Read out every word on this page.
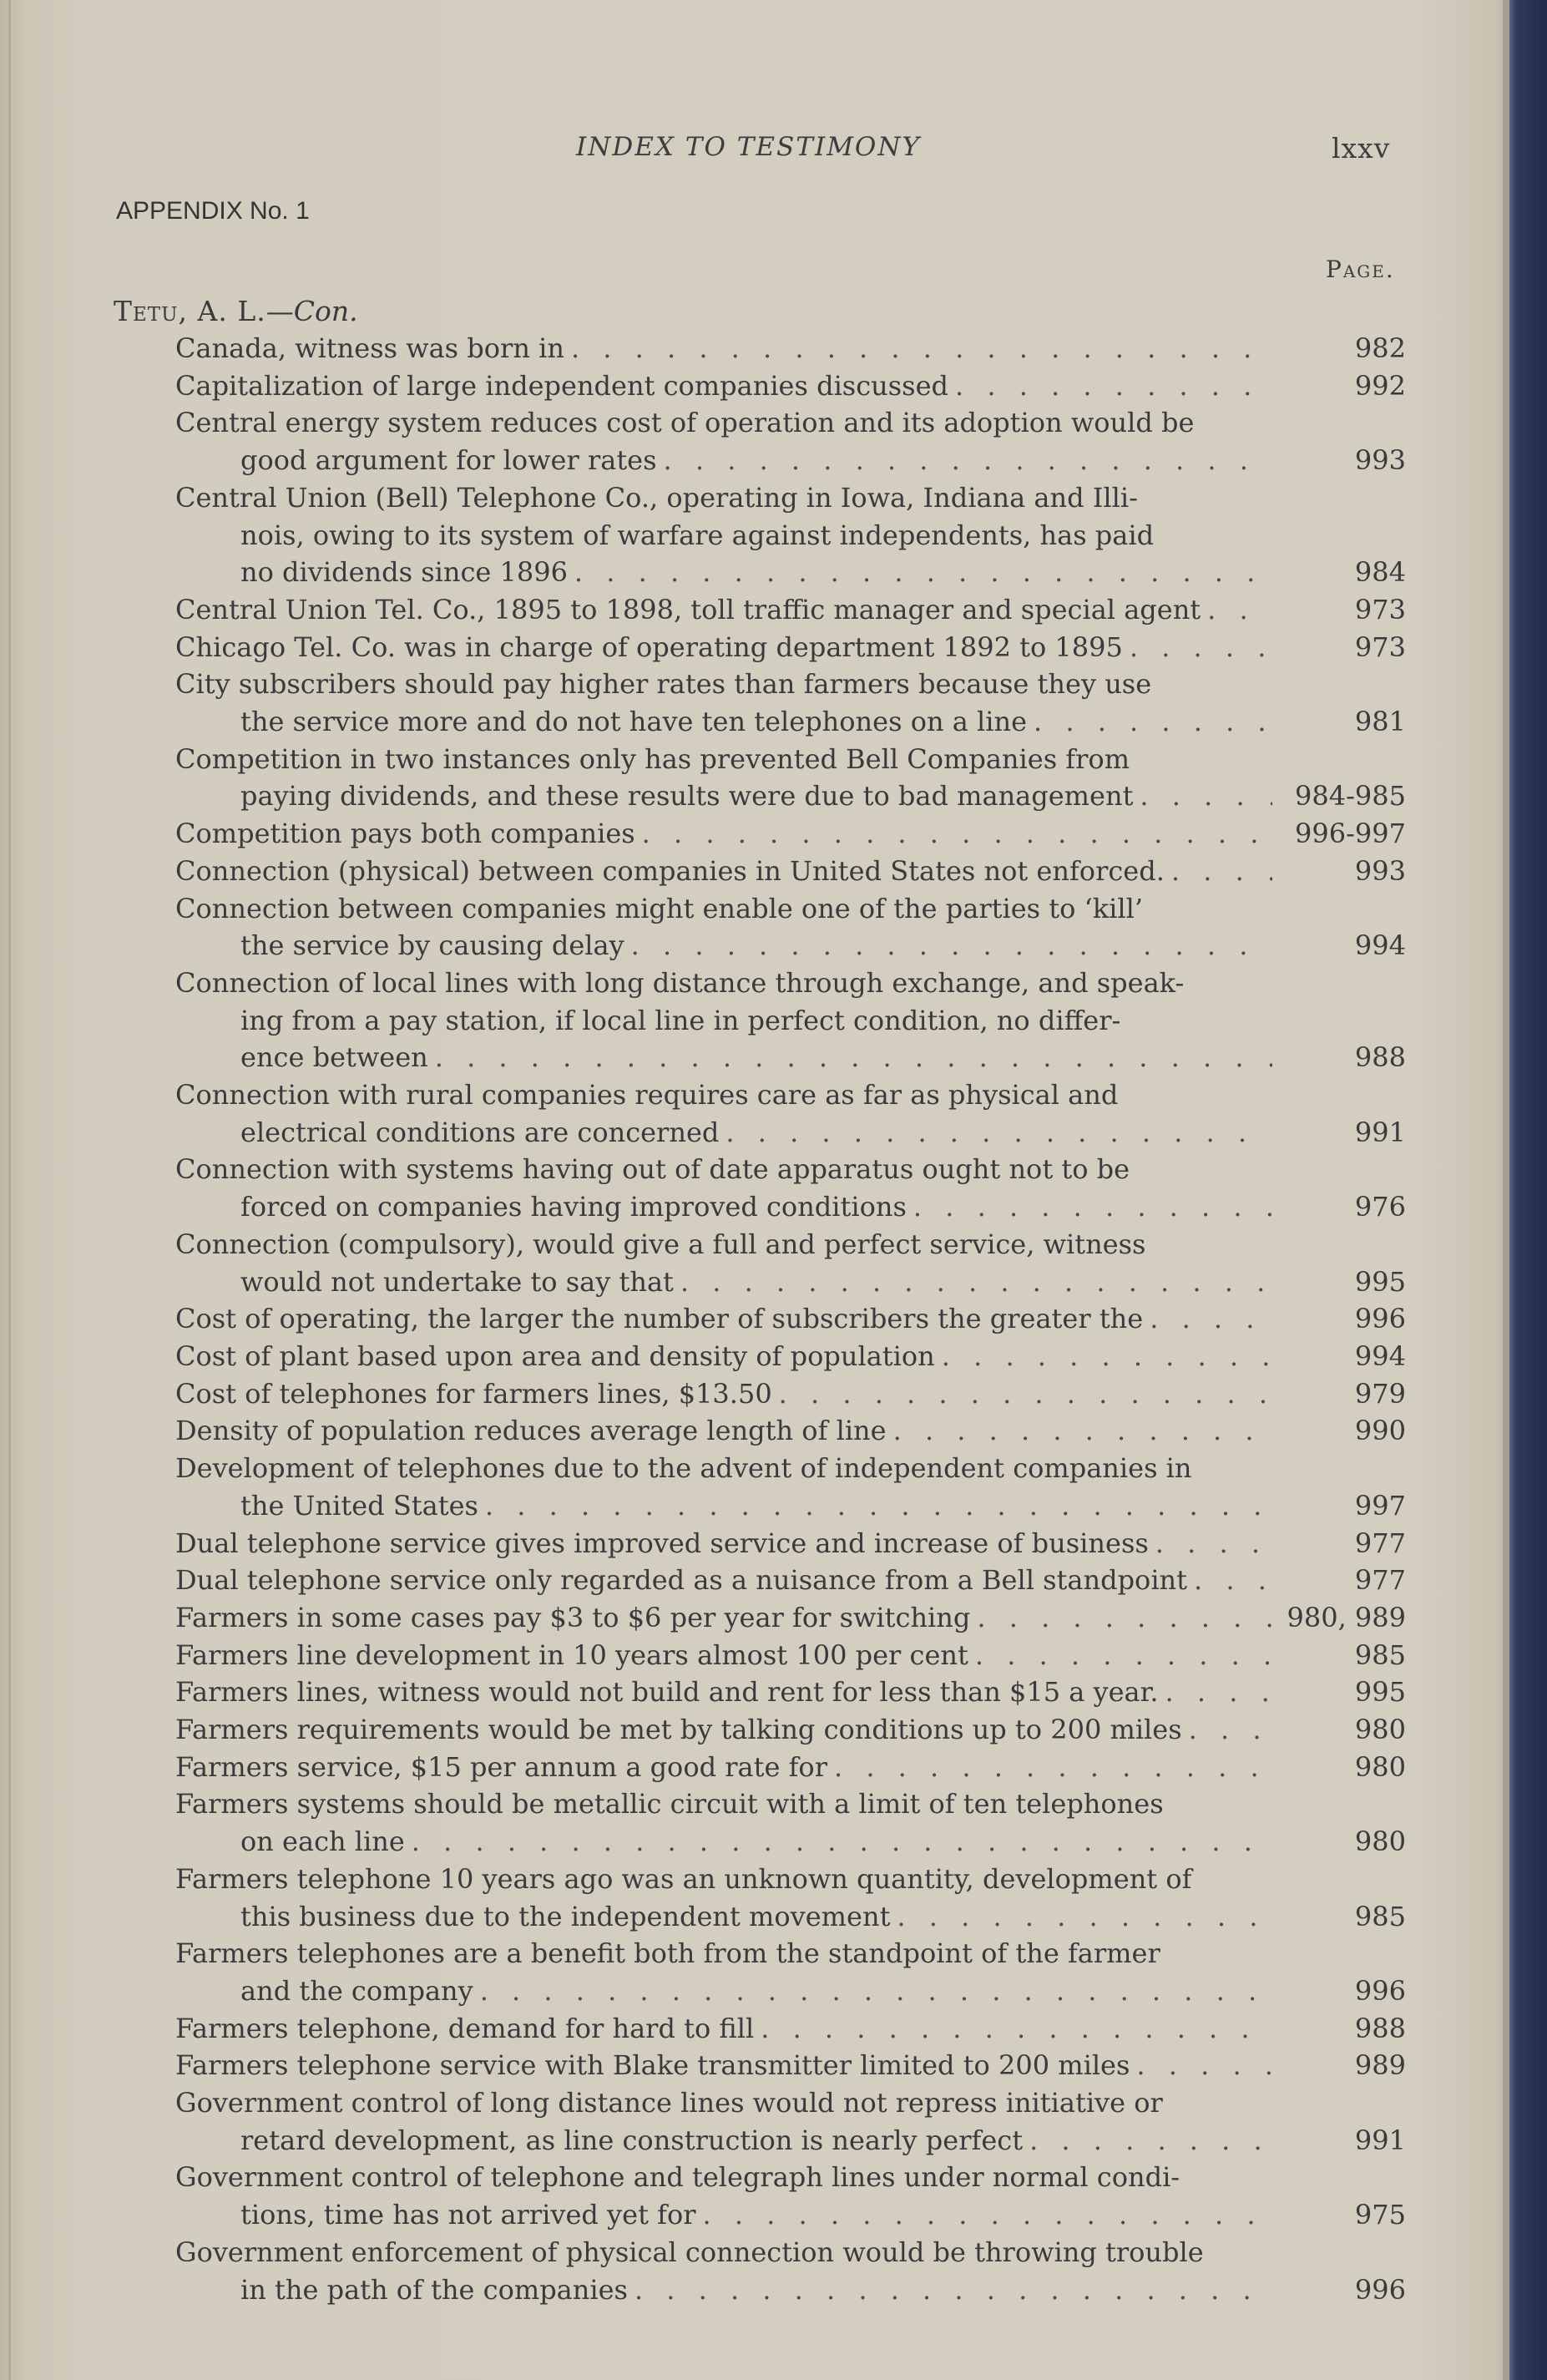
INDEX TO TESTIMONY	lxxv
APPENDIX No. 1
Page.
Tetu, A. L.—Con.
Canada, witness was born in . . .	982
Capitalization of large independent companies discussed . . .	992
Central energy system reduces cost of operation and its adoption would be
good argument for lower rates . . .	993
Central Union (Bell) Telephone Co., operating in Iowa, Indiana and Illi-
nois, owing to its system of warfare against independents, has paid
no dividends since 1896 . . .	984
Central Union Tel. Co., 1895 to 1898, toll traffic manager and special agent . . .	973
Chicago Tel. Co. was in charge of operating department 1892 to 1895 . . .	973
City subscribers should pay higher rates than farmers because they use
the service more and do not have ten telephones on a line . . .	981
Competition in two instances only has prevented Bell Companies from
paying dividends, and these results were due to bad management . . .	984-985
Competition pays both companies . . .	996-997
Connection (physical) between companies in United States not enforced. . . .	993
Connection between companies might enable one of the parties to ‘kill’
the service by causing delay . . .	994
Connection of local lines with long distance through exchange, and speak-
ing from a pay station, if local line in perfect condition, no differ-
ence between . . .	988
Connection with rural companies requires care as far as physical and
electrical conditions are concerned . . .	991
Connection with systems having out of date apparatus ought not to be
forced on companies having improved conditions . . .	976
Connection (compulsory), would give a full and perfect service, witness
would not undertake to say that . . .	995
Cost of operating, the larger the number of subscribers the greater the . . .	996
Cost of plant based upon area and density of population . . .	994
Cost of telephones for farmers lines, $13.50 . . .	979
Density of population reduces average length of line . . .	990
Development of telephones due to the advent of independent companies in
the United States . . .	997
Dual telephone service gives improved service and increase of business . . .	977
Dual telephone service only regarded as a nuisance from a Bell standpoint . . .	977
Farmers in some cases pay $3 to $6 per year for switching . . .	980, 989
Farmers line development in 10 years almost 100 per cent . . .	985
Farmers lines, witness would not build and rent for less than $15 a year. . . .	995
Farmers requirements would be met by talking conditions up to 200 miles . . .	980
Farmers service, $15 per annum a good rate for . . .	980
Farmers systems should be metallic circuit with a limit of ten telephones
on each line . . .	980
Farmers telephone 10 years ago was an unknown quantity, development of
this business due to the independent movement . . .	985
Farmers telephones are a benefit both from the standpoint of the farmer
and the company . . .	996
Farmers telephone, demand for hard to fill . . .	988
Farmers telephone service with Blake transmitter limited to 200 miles . . .	989
Government control of long distance lines would not repress initiative or
retard development, as line construction is nearly perfect . . .	991
Government control of telephone and telegraph lines under normal condi-
tions, time has not arrived yet for . . .	975
Government enforcement of physical connection would be throwing trouble
in the path of the companies . . .	996
